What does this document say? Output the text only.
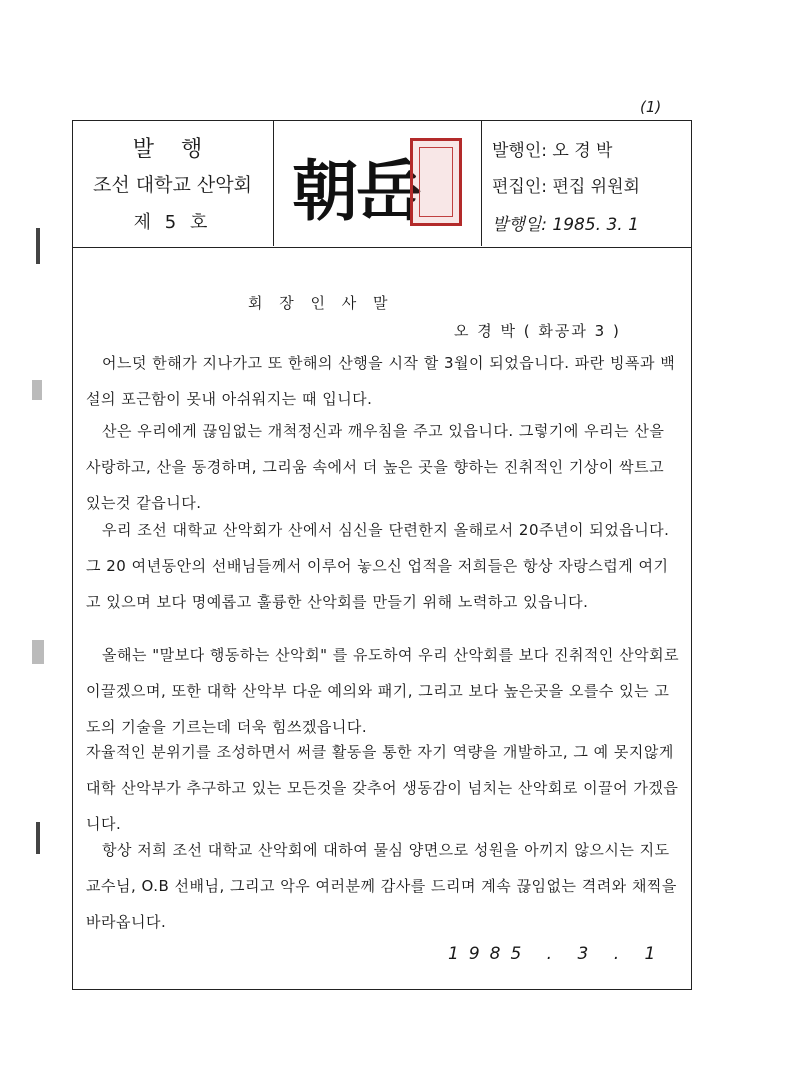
(1)
발 행
조선 대학교 산악회
제 5 호	朝岳
발행인: 오 경 박
편집인: 편집 위원회
발행일: 1985. 3. 1
회 장 인 사 말
오 경 박 ( 화공과 3 )

어느덧 한해가 지나가고 또 한해의 산행을 시작 할 3월이 되었읍니다. 파란 빙폭과 백설의 포근함이 못내 아쉬워지는 때 입니다.

산은 우리에게 끊임없는 개척정신과 깨우침을 주고 있읍니다. 그렇기에 우리는 산을 사랑하고, 산을 동경하며, 그리움 속에서 더 높은 곳을 향하는 진취적인 기상이 싹트고 있는것 같읍니다.

우리 조선 대학교 산악회가 산에서 심신을 단련한지 올해로서 20주년이 되었읍니다. 그 20 여년동안의 선배님들께서 이루어 놓으신 업적을 저희들은 항상 자랑스럽게 여기고 있으며 보다 명예롭고 훌륭한 산악회를 만들기 위해 노력하고 있읍니다.

올해는 "말보다 행동하는 산악회" 를 유도하여 우리 산악회를 보다 진취적인 산악회로 이끌겠으며, 또한 대학 산악부 다운 예의와 패기, 그리고 보다 높은곳을 오를수 있는 고도의 기술을 기르는데 더욱 힘쓰겠읍니다.

자율적인 분위기를 조성하면서 써클 활동을 통한 자기 역량을 개발하고, 그 예 못지않게 대학 산악부가 추구하고 있는 모든것을 갖추어 생동감이 넘치는 산악회로 이끌어 가겠읍니다.

항상 저희 조선 대학교 산악회에 대하여 물심 양면으로 성원을 아끼지 않으시는 지도 교수님, O.B 선배님, 그리고 악우 여러분께 감사를 드리며 계속 끊임없는 격려와 채찍을 바라옵니다.

1985 . 3 . 1
